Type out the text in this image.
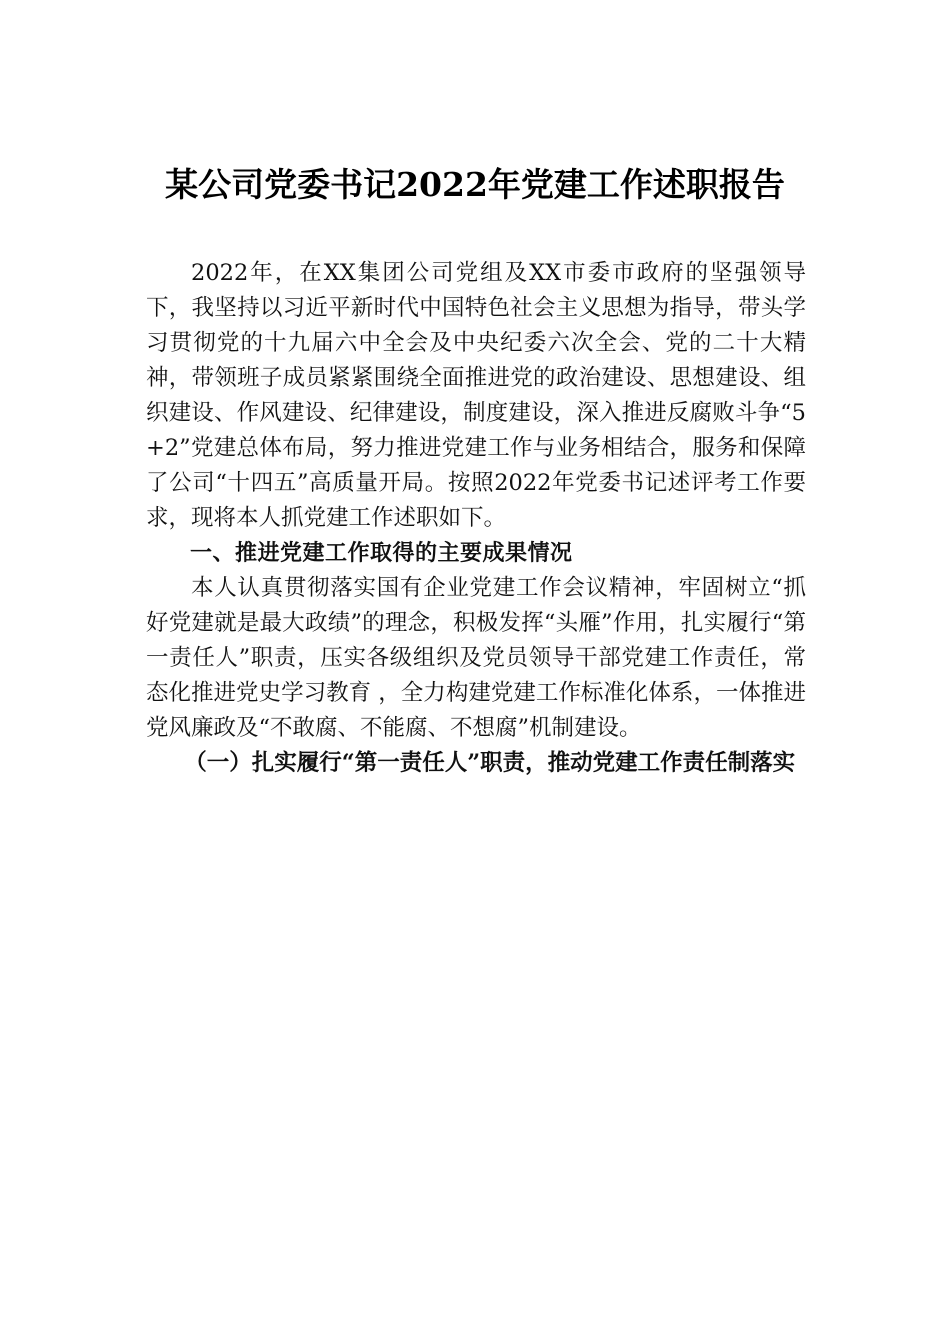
某公司党委书记2022年党建工作述职报告

2022年，在XX集团公司党组及XX市委市政府的坚强领导下，我坚持以习近平新时代中国特色社会主义思想为指导，带头学习贯彻党的十九届六中全会及中央纪委六次全会、党的二十大精神，带领班子成员紧紧围绕全面推进党的政治建设、思想建设、组织建设、作风建设、纪律建设，制度建设，深入推进反腐败斗争“5+2”党建总体布局，努力推进党建工作与业务相结合，服务和保障了公司“十四五”高质量开局。按照2022年党委书记述评考工作要求，现将本人抓党建工作述职如下。

一、推进党建工作取得的主要成果情况

本人认真贯彻落实国有企业党建工作会议精神，牢固树立“抓好党建就是最大政绩”的理念，积极发挥“头雁”作用，扎实履行“第一责任人”职责，压实各级组织及党员领导干部党建工作责任，常态化推进党史学习教育 ，全力构建党建工作标准化体系，一体推进党风廉政及“不敢腐、不能腐、不想腐”机制建设。

（一）扎实履行“第一责任人”职责，推动党建工作责任制落实
